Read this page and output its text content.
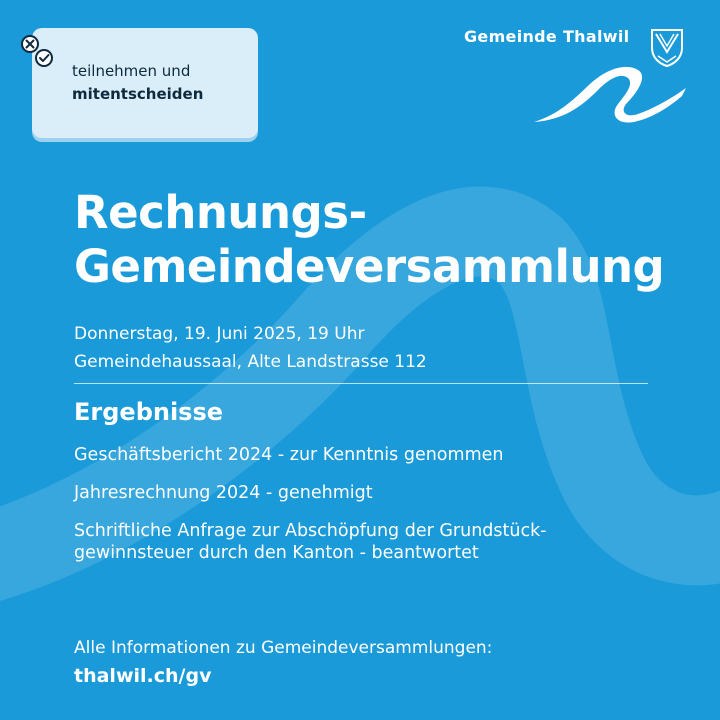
teilnehmen und
mitentscheiden
Gemeinde Thalwil
Rechnungs-
Gemeindeversammlung
Donnerstag, 19. Juni 2025, 19 Uhr
Gemeindehaussaal, Alte Landstrasse 112
Ergebnisse

Geschäftsbericht 2024 - zur Kenntnis genommen

Jahresrechnung 2024 - genehmigt

Schriftliche Anfrage zur Abschöpfung der Grundstück-
gewinnsteuer durch den Kanton - beantwortet

Alle Informationen zu Gemeindeversammlungen:
thalwil.ch/gv
